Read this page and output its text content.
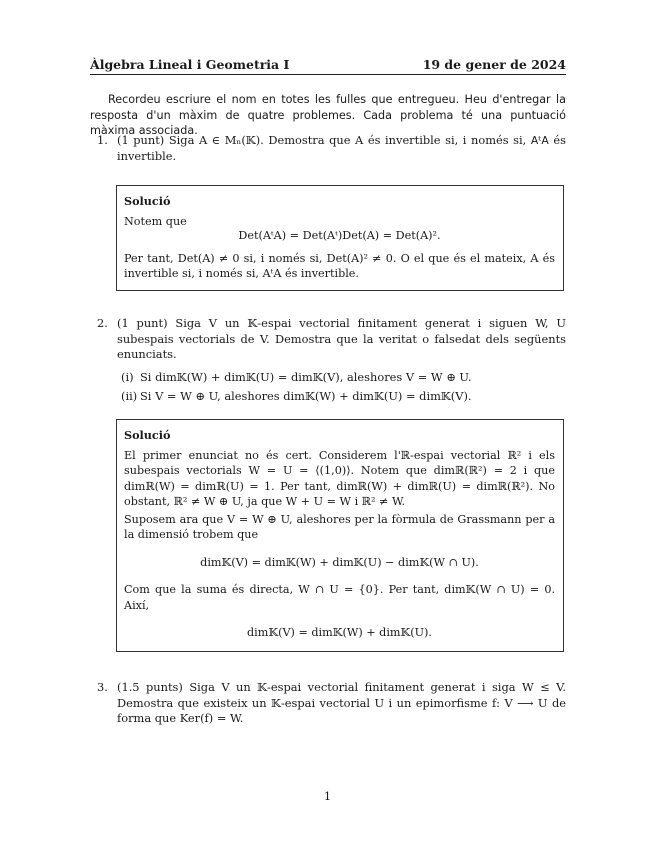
Àlgebra Lineal i Geometria I	19 de gener de 2024
Recordeu escriure el nom en totes les fulles que entregueu. Heu d'entregar la resposta d'un màxim de quatre problemes. Cada problema té una puntuació màxima associada.
1. (1 punt) Siga A ∈ Mₙ(𝕂). Demostra que A és invertible si, i només si, AᵗA és invertible.
Solució

Notem que

Det(AᵗA) = Det(Aᵗ)Det(A) = Det(A)².

Per tant, Det(A) ≠ 0 si, i només si, Det(A)² ≠ 0. O el que és el mateix, A és invertible si, i només si, AᵗA és invertible.

2. (1 punt) Siga V un 𝕂-espai vectorial finitament generat i siguen W, U subespais vectorials de V. Demostra que la veritat o falsedat dels següents enunciats.
(i) Si dim𝕂(W) + dim𝕂(U) = dim𝕂(V), aleshores V = W ⊕ U.
(ii) Si V = W ⊕ U, aleshores dim𝕂(W) + dim𝕂(U) = dim𝕂(V).
Solució

El primer enunciat no és cert. Considerem l'ℝ-espai vectorial ℝ² i els subespais vectorials W = U = ⟨(1,0)⟩. Notem que dimℝ(ℝ²) = 2 i que dimℝ(W) = dimℝ(U) = 1. Per tant, dimℝ(W) + dimℝ(U) = dimℝ(ℝ²). No obstant, ℝ² ≠ W ⊕ U, ja que W + U = W i ℝ² ≠ W.

Suposem ara que V = W ⊕ U, aleshores per la fòrmula de Grassmann per a la dimensió trobem que

dim𝕂(V) = dim𝕂(W) + dim𝕂(U) − dim𝕂(W ∩ U).

Com que la suma és directa, W ∩ U = {0}. Per tant, dim𝕂(W ∩ U) = 0. Així,

dim𝕂(V) = dim𝕂(W) + dim𝕂(U).
3. (1.5 punts) Siga V un 𝕂-espai vectorial finitament generat i siga W ≤ V. Demostra que existeix un 𝕂-espai vectorial U i un epimorfisme f: V ⟶ U de forma que Ker(f) = W.
1
